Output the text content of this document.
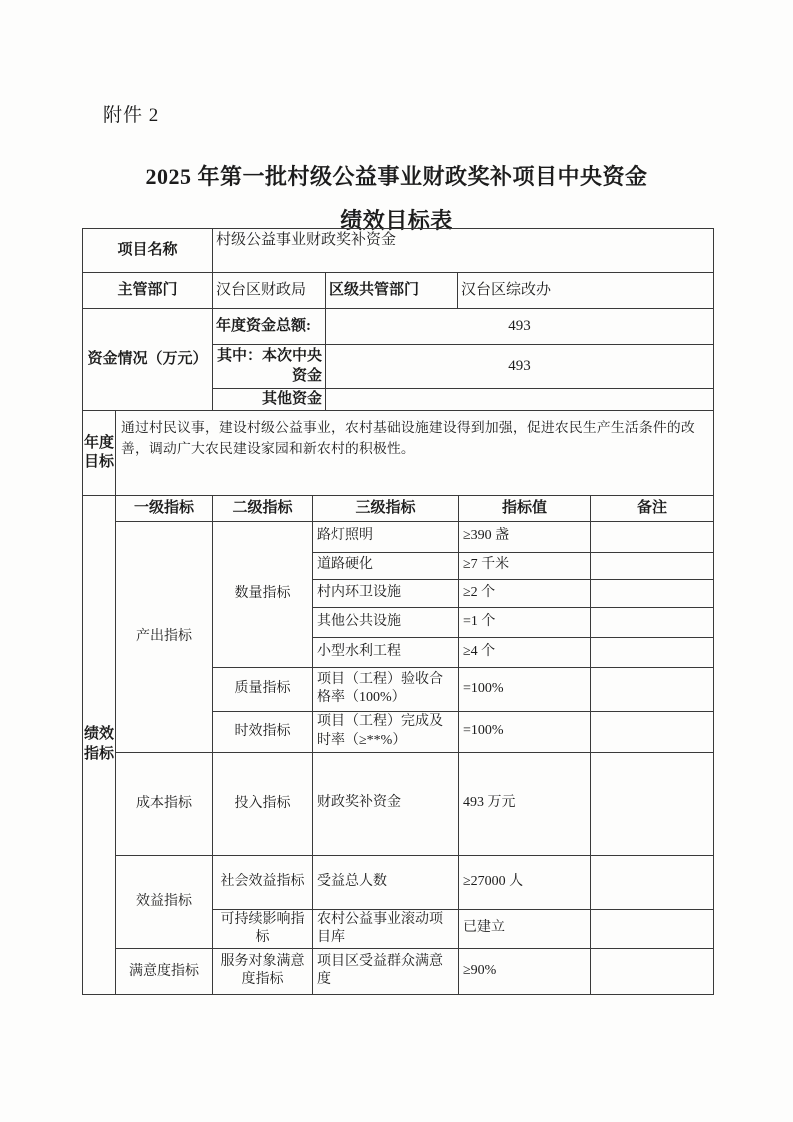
附件 2
2025 年第一批村级公益事业财政奖补项目中央资金
绩效目标表
项目名称		村级公益事业财政奖补资金		
主管部门		汉台区财政局	区级共管部门	汉台区综改办
资金情况（万元）		年度资金总额:	493	
		其中：本次中央资金	493	
		其他资金		
年度目标	通过村民议事，建设村级公益事业，农村基础设施建设得到加强，促进农民生产生活条件的改善，调动广大农民建设家园和新农村的积极性。			
绩效指标	一级指标	二级指标	三级指标	指标值	备注
	产出指标	数量指标	路灯照明	≥390 盏	
			道路硬化	≥7 千米	
			村内环卫设施	≥2 个	
			其他公共设施	=1 个	
			小型水利工程	≥4 个	
		质量指标	项目（工程）验收合格率（100%）	=100%	
		时效指标	项目（工程）完成及时率（≥**%）	=100%	
	成本指标	投入指标	财政奖补资金	493 万元	
	效益指标	社会效益指标	受益总人数	≥27000 人	
		可持续影响指标	农村公益事业滚动项目库	已建立	
	满意度指标	服务对象满意度指标	项目区受益群众满意度	≥90%	
